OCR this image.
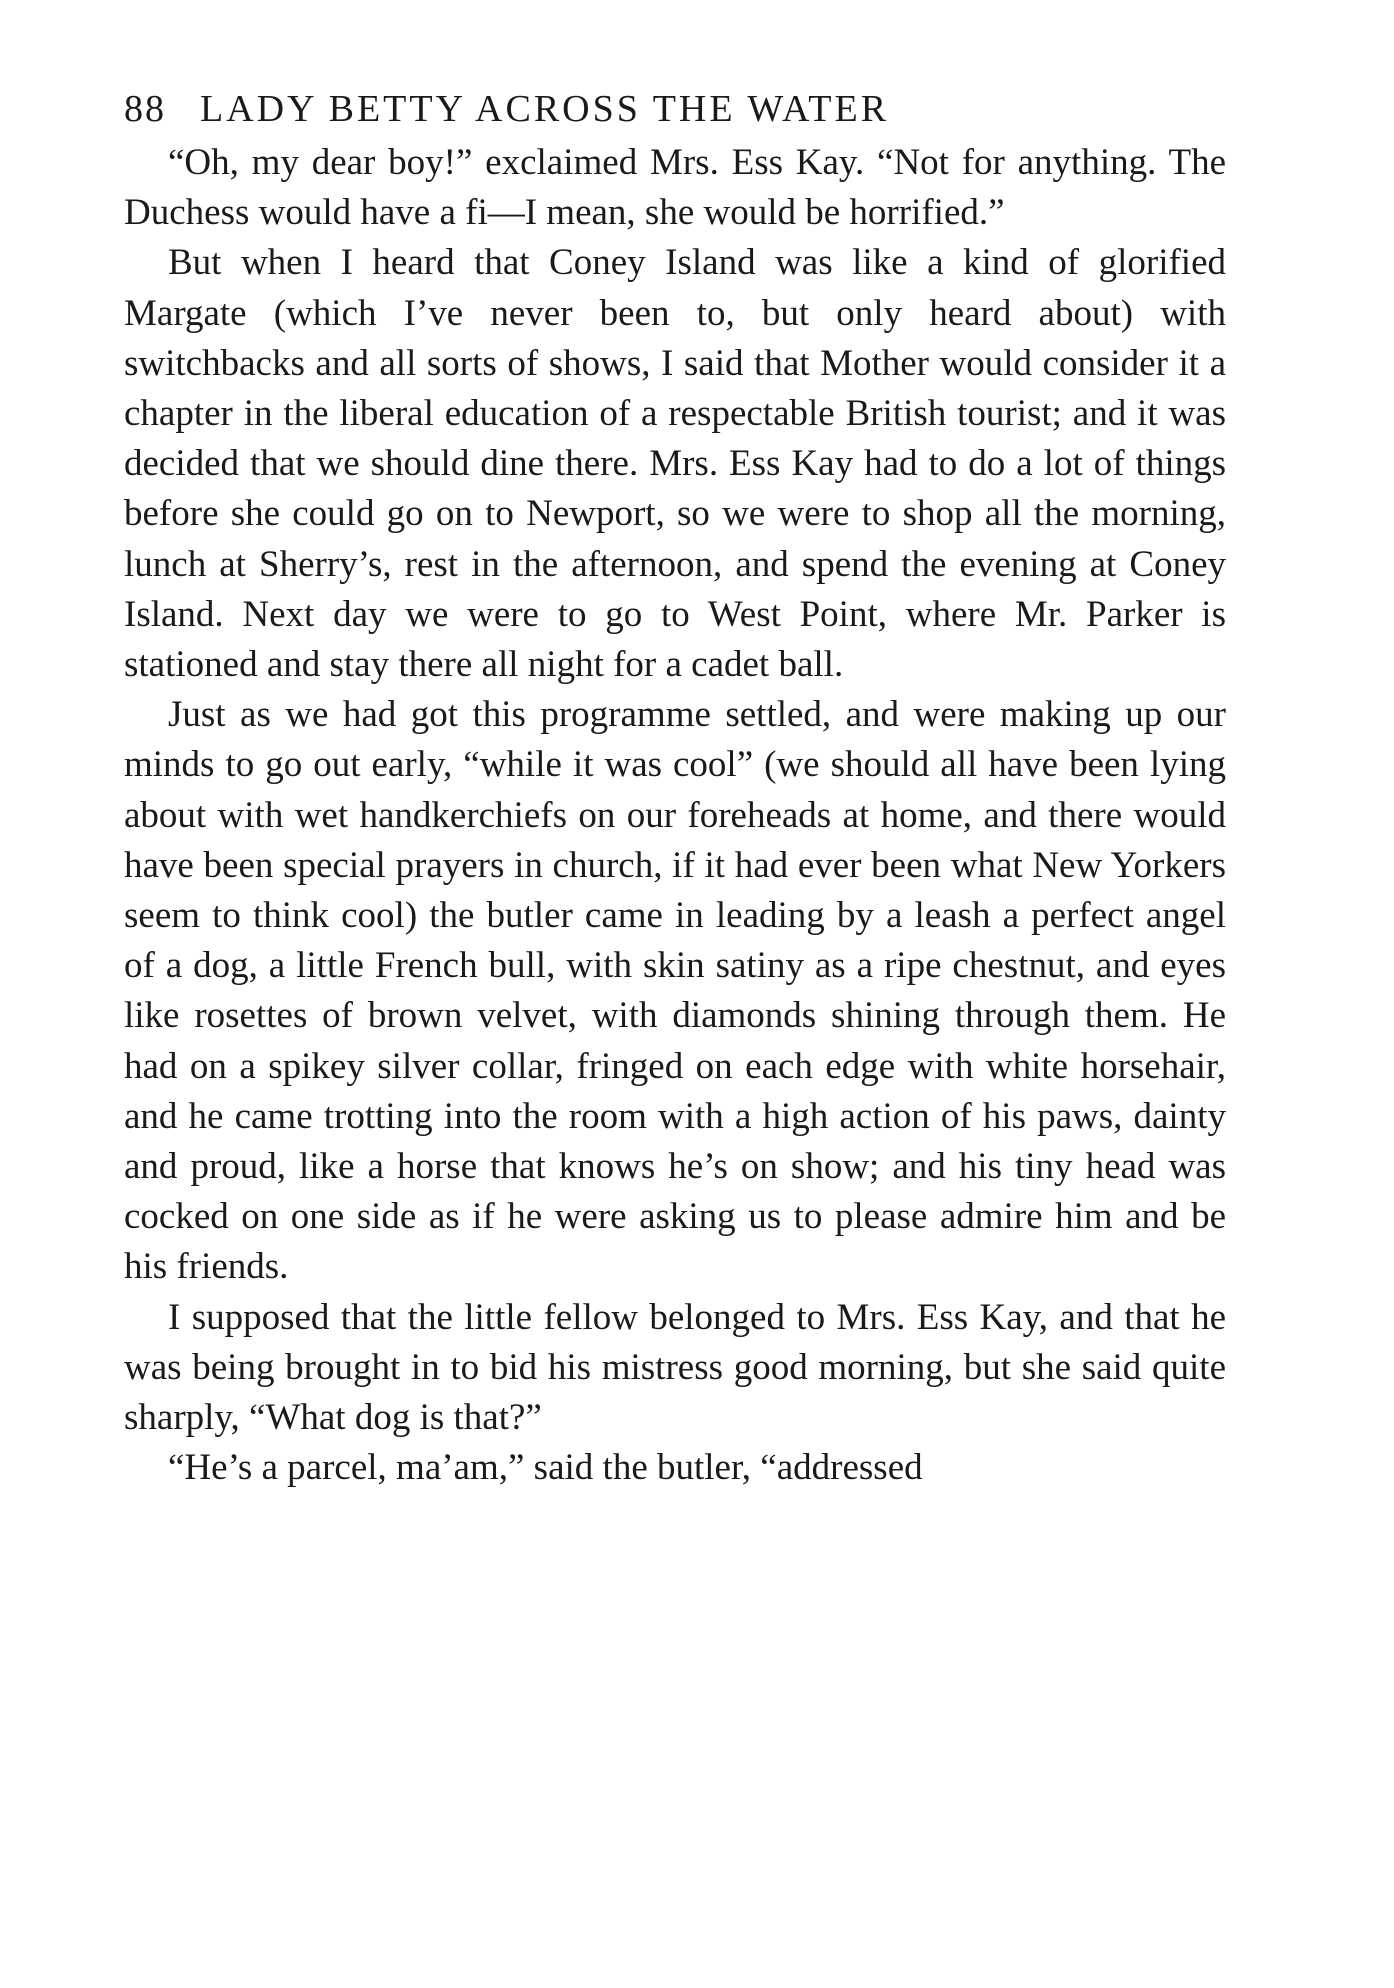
88 LADY BETTY ACROSS THE WATER

“Oh, my dear boy!” exclaimed Mrs. Ess Kay. “Not for anything. The Duchess would have a fi—I mean, she would be horrified.”

But when I heard that Coney Island was like a kind of glorified Margate (which I’ve never been to, but only heard about) with switchbacks and all sorts of shows, I said that Mother would consider it a chapter in the liberal education of a respectable British tourist; and it was decided that we should dine there. Mrs. Ess Kay had to do a lot of things before she could go on to Newport, so we were to shop all the morning, lunch at Sherry’s, rest in the afternoon, and spend the evening at Coney Island. Next day we were to go to West Point, where Mr. Parker is stationed and stay there all night for a cadet ball.

Just as we had got this programme settled, and were making up our minds to go out early, “while it was cool” (we should all have been lying about with wet handkerchiefs on our foreheads at home, and there would have been special prayers in church, if it had ever been what New Yorkers seem to think cool) the butler came in leading by a leash a perfect angel of a dog, a little French bull, with skin satiny as a ripe chestnut, and eyes like rosettes of brown velvet, with diamonds shining through them. He had on a spikey silver collar, fringed on each edge with white horsehair, and he came trotting into the room with a high action of his paws, dainty and proud, like a horse that knows he’s on show; and his tiny head was cocked on one side as if he were asking us to please admire him and be his friends.

I supposed that the little fellow belonged to Mrs. Ess Kay, and that he was being brought in to bid his mistress good morning, but she said quite sharply, “What dog is that?”

“He’s a parcel, ma’am,” said the butler, “addressed
